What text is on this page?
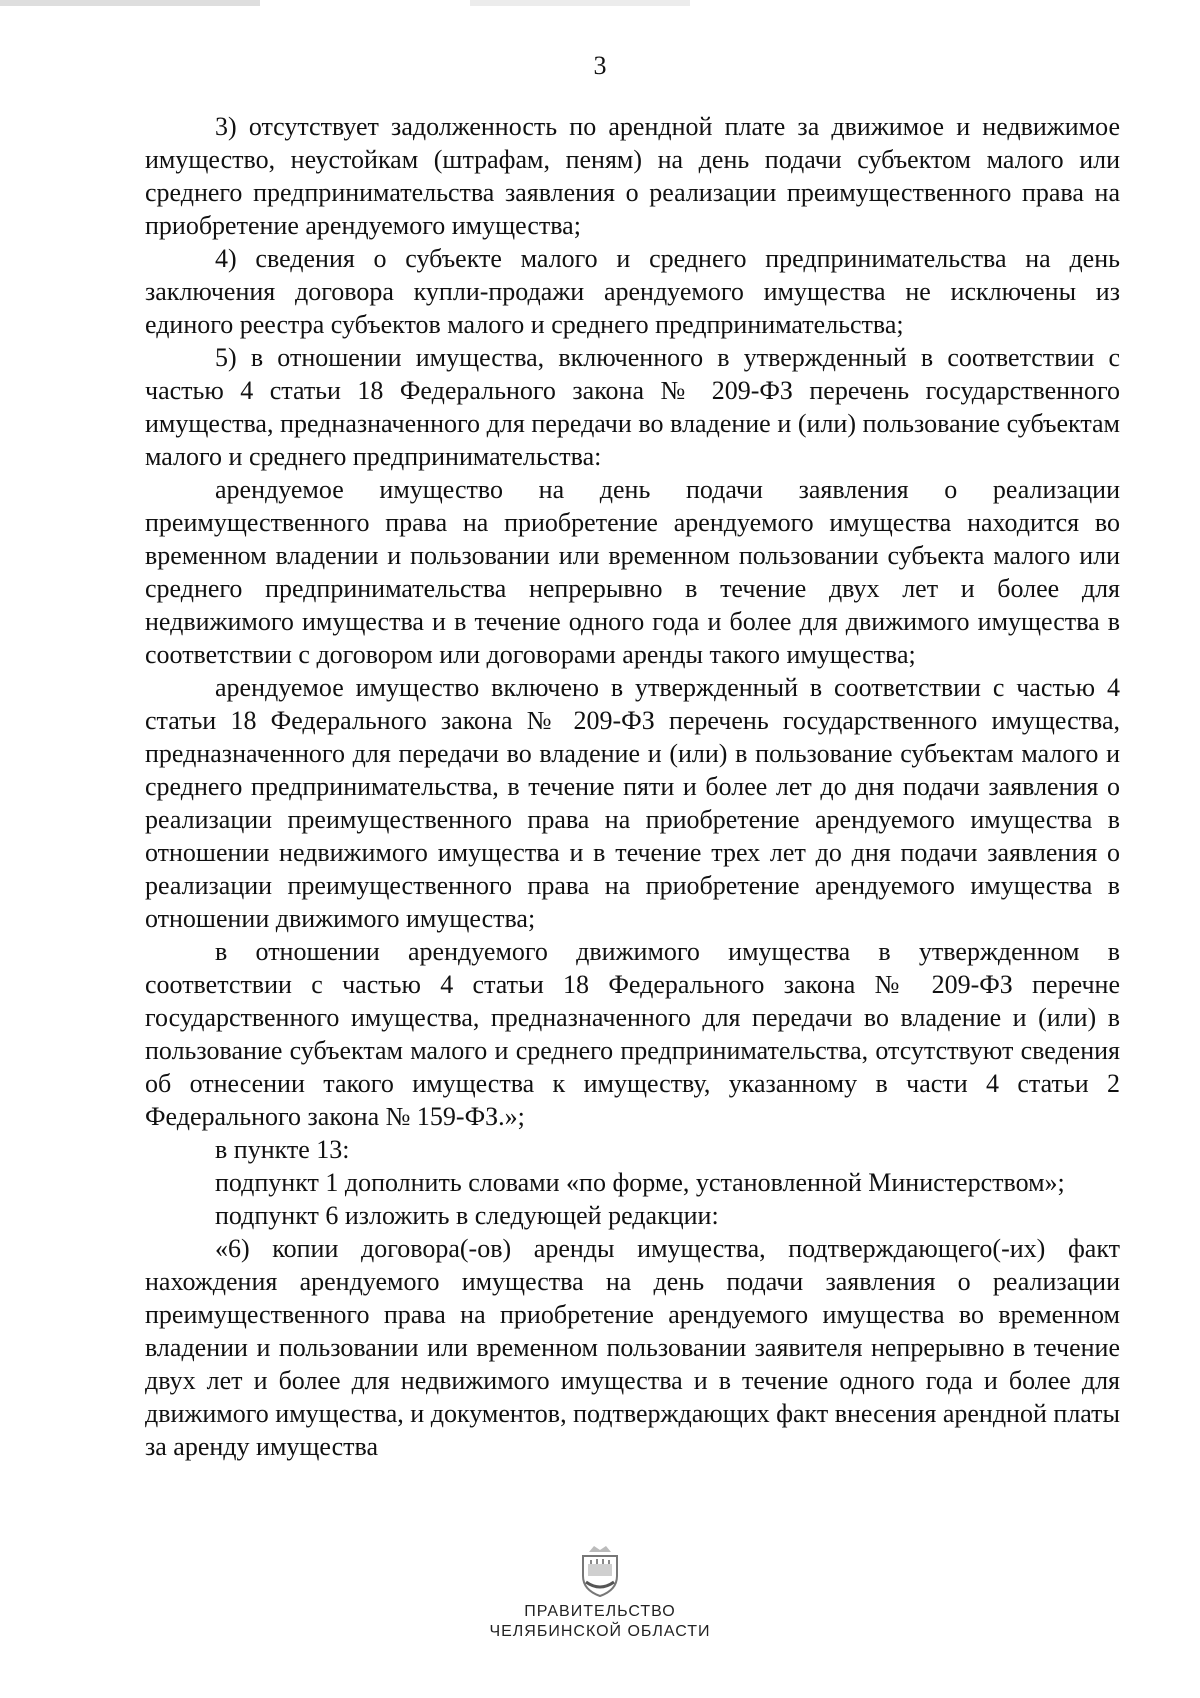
3

3) отсутствует задолженность по арендной плате за движимое и недвижимое имущество, неустойкам (штрафам, пеням) на день подачи субъектом малого или среднего предпринимательства заявления о реализации преимущественного права на приобретение арендуемого имущества;

4) сведения о субъекте малого и среднего предпринимательства на день заключения договора купли-продажи арендуемого имущества не исключены из единого реестра субъектов малого и среднего предпринимательства;

5) в отношении имущества, включенного в утвержденный в соответствии с частью 4 статьи 18 Федерального закона № 209-ФЗ перечень государственного имущества, предназначенного для передачи во владение и (или) пользование субъектам малого и среднего предпринимательства:

арендуемое имущество на день подачи заявления о реализации преимущественного права на приобретение арендуемого имущества находится во временном владении и пользовании или временном пользовании субъекта малого или среднего предпринимательства непрерывно в течение двух лет и более для недвижимого имущества и в течение одного года и более для движимого имущества в соответствии с договором или договорами аренды такого имущества;

арендуемое имущество включено в утвержденный в соответствии с частью 4 статьи 18 Федерального закона № 209-ФЗ перечень государственного имущества, предназначенного для передачи во владение и (или) в пользование субъектам малого и среднего предпринимательства, в течение пяти и более лет до дня подачи заявления о реализации преимущественного права на приобретение арендуемого имущества в отношении недвижимого имущества и в течение трех лет до дня подачи заявления о реализации преимущественного права на приобретение арендуемого имущества в отношении движимого имущества;

в отношении арендуемого движимого имущества в утвержденном в соответствии с частью 4 статьи 18 Федерального закона № 209-ФЗ перечне государственного имущества, предназначенного для передачи во владение и (или) в пользование субъектам малого и среднего предпринимательства, отсутствуют сведения об отнесении такого имущества к имуществу, указанному в части 4 статьи 2 Федерального закона № 159-ФЗ.»;

в пункте 13:

подпункт 1 дополнить словами «по форме, установленной Министерством»;

подпункт 6 изложить в следующей редакции:

«6) копии договора(-ов) аренды имущества, подтверждающего(-их) факт нахождения арендуемого имущества на день подачи заявления о реализации преимущественного права на приобретение арендуемого имущества во временном владении и пользовании или временном пользовании заявителя непрерывно в течение двух лет и более для недвижимого имущества и в течение одного года и более для движимого имущества, и документов, подтверждающих факт внесения арендной платы за аренду имущества

ПРАВИТЕЛЬСТВО
ЧЕЛЯБИНСКОЙ ОБЛАСТИ
